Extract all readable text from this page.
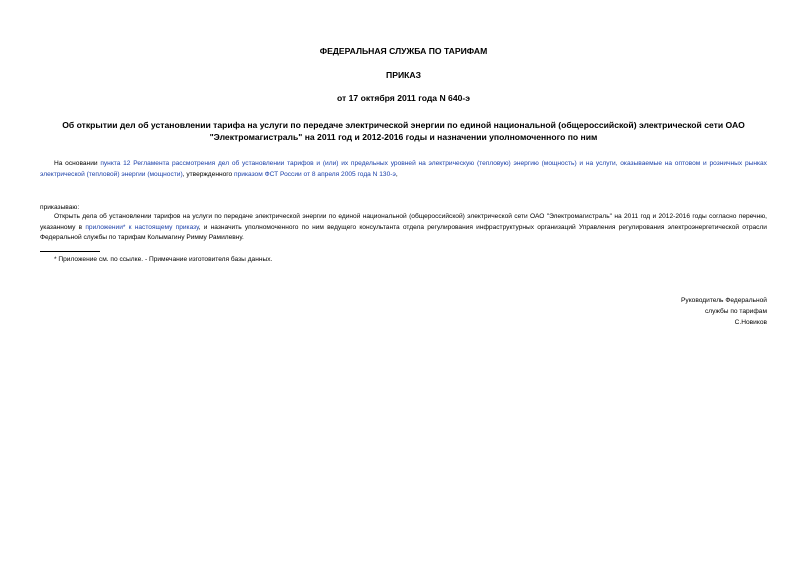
ФЕДЕРАЛЬНАЯ СЛУЖБА ПО ТАРИФАМ
ПРИКАЗ
от 17 октября 2011 года N 640-э
Об открытии дел об установлении тарифа на услуги по передаче электрической энергии по единой национальной (общероссийской) электрической сети ОАО
"Электромагистраль" на 2011 год и 2012-2016 годы и назначении уполномоченного по ним
На основании пункта 12 Регламента рассмотрения дел об установлении тарифов и (или) их предельных уровней на электрическую (тепловую) энергию (мощность) и на услуги, оказываемые на оптовом и розничных рынках электрической (тепловой) энергии (мощности), утвержденного приказом ФСТ России от 8 апреля 2005 года N 130-э,
приказываю:
Открыть дела об установлении тарифов на услуги по передаче электрической энергии по единой национальной (общероссийской) электрической сети ОАО "Электромагистраль" на 2011 год и 2012-2016 годы согласно перечню, указанному в приложении* к настоящему приказу, и назначить уполномоченного по ним ведущего консультанта отдела регулирования инфраструктурных организаций Управления регулирования электроэнергетической отрасли Федеральной службы по тарифам Колымагину Римму Рамилевну.
* Приложение см. по ссылке. - Примечание изготовителя базы данных.
Руководитель Федеральной
службы по тарифам
С.Новиков
